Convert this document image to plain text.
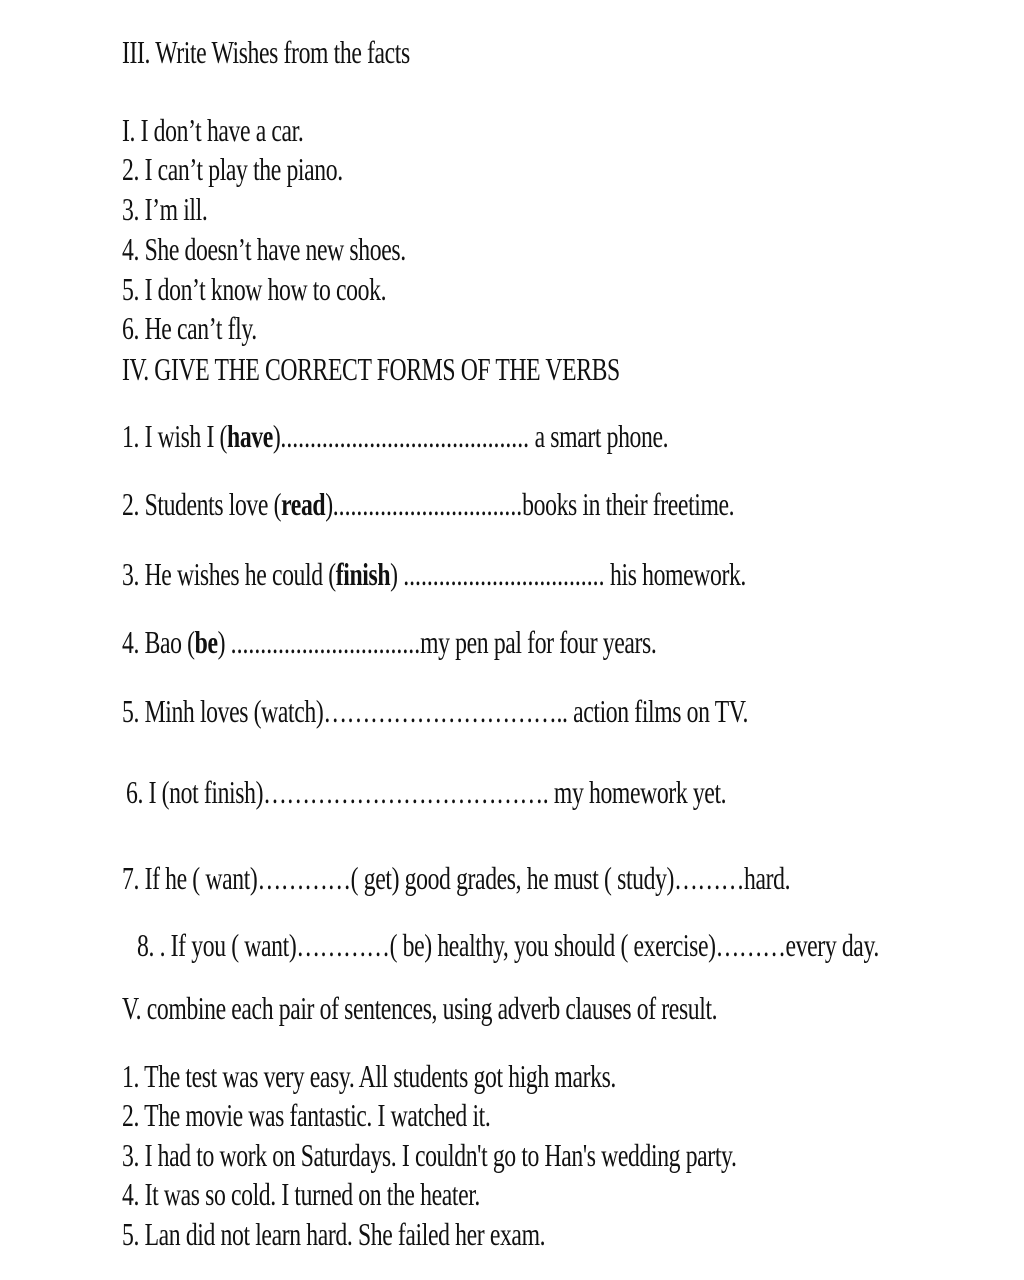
III. Write Wishes from the facts
I. I don’t have a car.
2. I can’t play the piano.
3. I’m ill.
4. She doesn’t have new shoes.
5. I don’t know how to cook.
6. He can’t fly.
IV. GIVE THE CORRECT FORMS OF THE VERBS
1. I wish I (have).......................................... a smart phone.
2. Students love (read)................................books in their freetime.
3. He wishes he could (finish) .................................. his homework.
4. Bao (be) ................................my pen pal for four years.
5. Minh loves (watch)………………………….. action films on TV.
6. I (not finish)………………………………. my homework yet.
7. If he ( want)…………( get) good grades, he must ( study)………hard.
8. . If you ( want)…………( be) healthy, you should ( exercise)………every day.
V. combine each pair of sentences, using adverb clauses of result.
1. The test was very easy. All students got high marks.
2. The movie was fantastic. I watched it.
3. I had to work on Saturdays. I couldn't go to Han's wedding party.
4. It was so cold. I turned on the heater.
5. Lan did not learn hard. She failed her exam.
